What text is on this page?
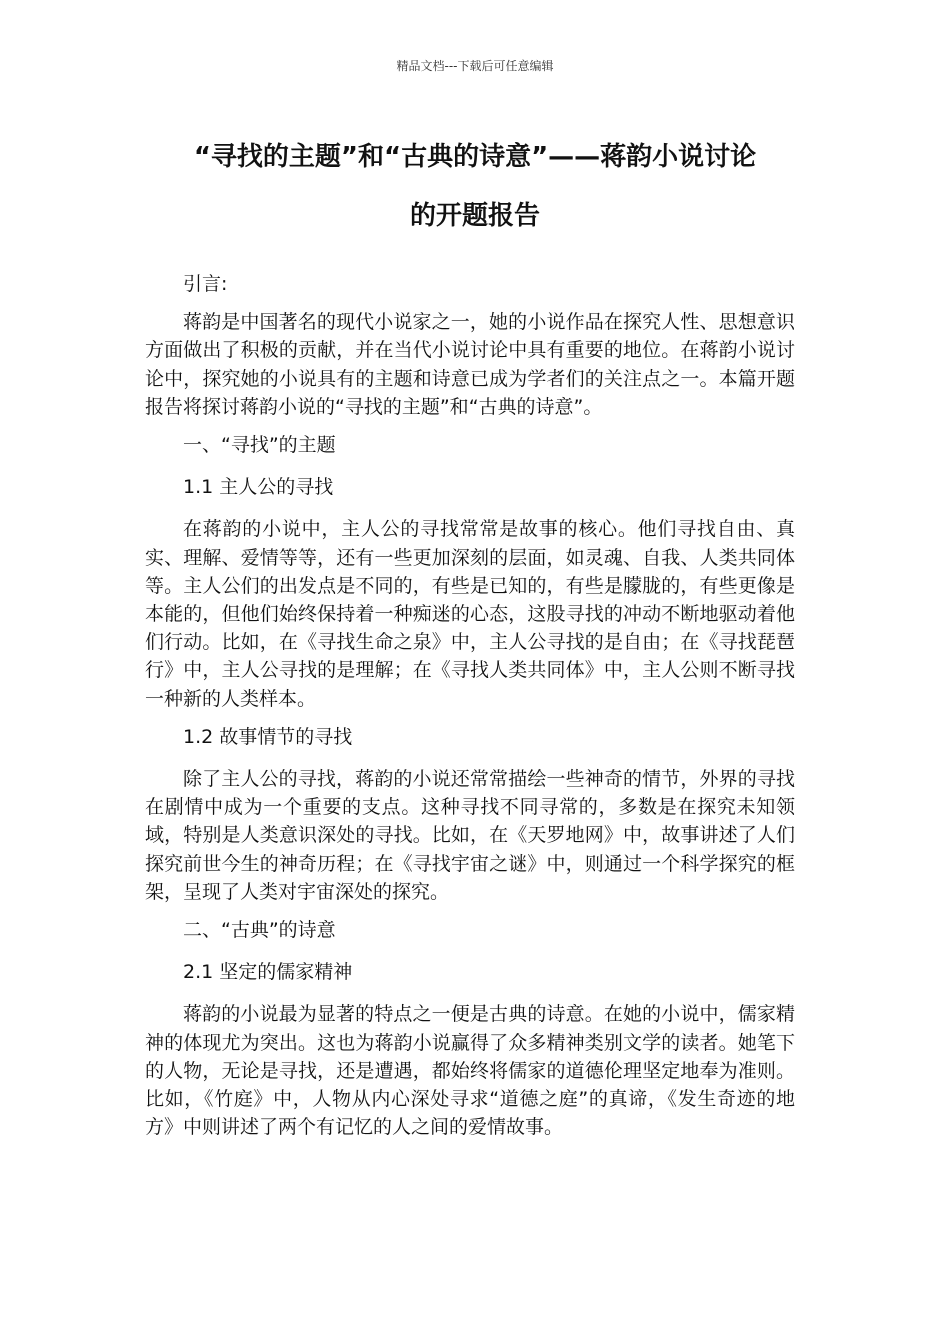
精品文档---下载后可任意编辑
“寻找的主题”和“古典的诗意”——蒋韵小说讨论
的开题报告

引言:

蒋韵是中国著名的现代小说家之一，她的小说作品在探究人性、思想意识方面做出了积极的贡献，并在当代小说讨论中具有重要的地位。在蒋韵小说讨论中，探究她的小说具有的主题和诗意已成为学者们的关注点之一。本篇开题报告将探讨蒋韵小说的“寻找的主题”和“古典的诗意”。

一、“寻找”的主题

1.1 主人公的寻找

在蒋韵的小说中，主人公的寻找常常是故事的核心。他们寻找自由、真实、理解、爱情等等，还有一些更加深刻的层面，如灵魂、自我、人类共同体等。主人公们的出发点是不同的，有些是已知的，有些是朦胧的，有些更像是本能的，但他们始终保持着一种痴迷的心态，这股寻找的冲动不断地驱动着他们行动。比如，在《寻找生命之泉》中，主人公寻找的是自由；在《寻找琵琶行》中，主人公寻找的是理解；在《寻找人类共同体》中，主人公则不断寻找一种新的人类样本。

1.2 故事情节的寻找

除了主人公的寻找，蒋韵的小说还常常描绘一些神奇的情节，外界的寻找在剧情中成为一个重要的支点。这种寻找不同寻常的，多数是在探究未知领域，特别是人类意识深处的寻找。比如，在《天罗地网》中，故事讲述了人们探究前世今生的神奇历程；在《寻找宇宙之谜》中，则通过一个科学探究的框架，呈现了人类对宇宙深处的探究。

二、“古典”的诗意

2.1 坚定的儒家精神

蒋韵的小说最为显著的特点之一便是古典的诗意。在她的小说中，儒家精神的体现尤为突出。这也为蒋韵小说赢得了众多精神类别文学的读者。她笔下的人物，无论是寻找，还是遭遇，都始终将儒家的道德伦理坚定地奉为准则。比如，《竹庭》中，人物从内心深处寻求“道德之庭”的真谛，《发生奇迹的地方》中则讲述了两个有记忆的人之间的爱情故事。
